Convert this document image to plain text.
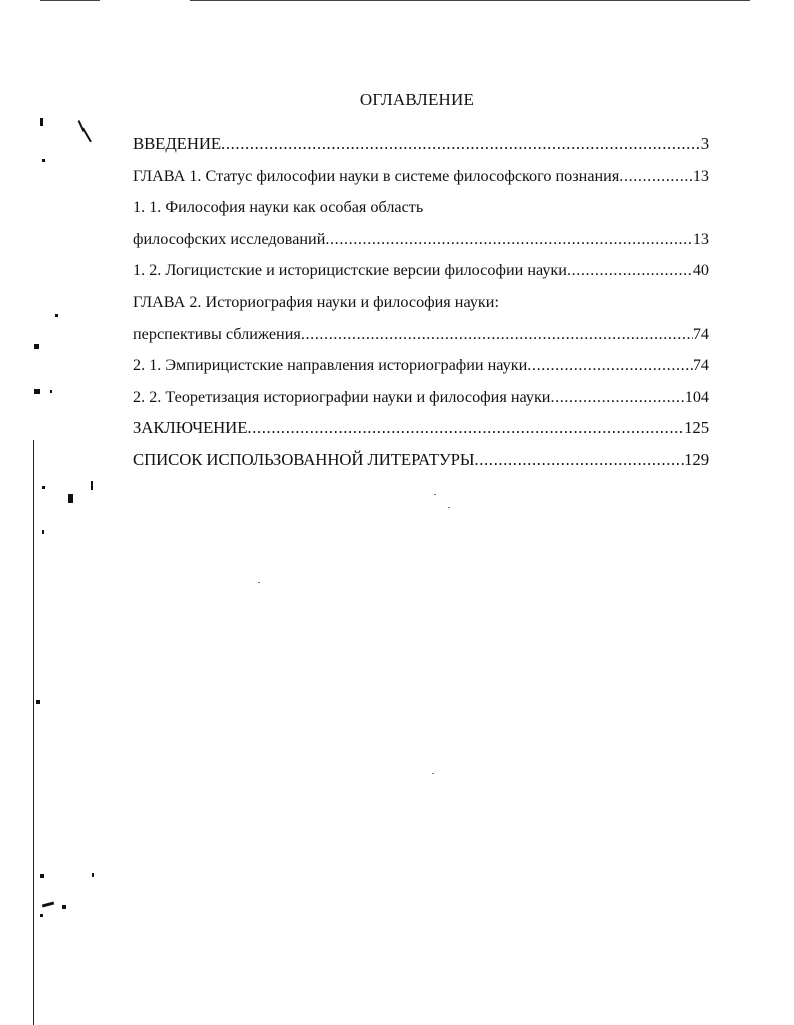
ОГЛАВЛЕНИЕ
ВВЕДЕНИЕ .....	3
ГЛАВА 1. Статус философии науки в системе философского познания .....	13
1. 1. Философия науки как особая область
философских исследований .....	13
1. 2. Логицистские и историцистские версии философии науки .....	40
ГЛАВА 2. Историография науки и философия науки:
перспективы сближения .....	74
2. 1. Эмпирицистские направления историографии науки .....	74
2. 2. Теоретизация историографии науки и философия науки .....	104
ЗАКЛЮЧЕНИЕ .....	125
СПИСОК ИСПОЛЬЗОВАННОЙ ЛИТЕРАТУРЫ .....	129
